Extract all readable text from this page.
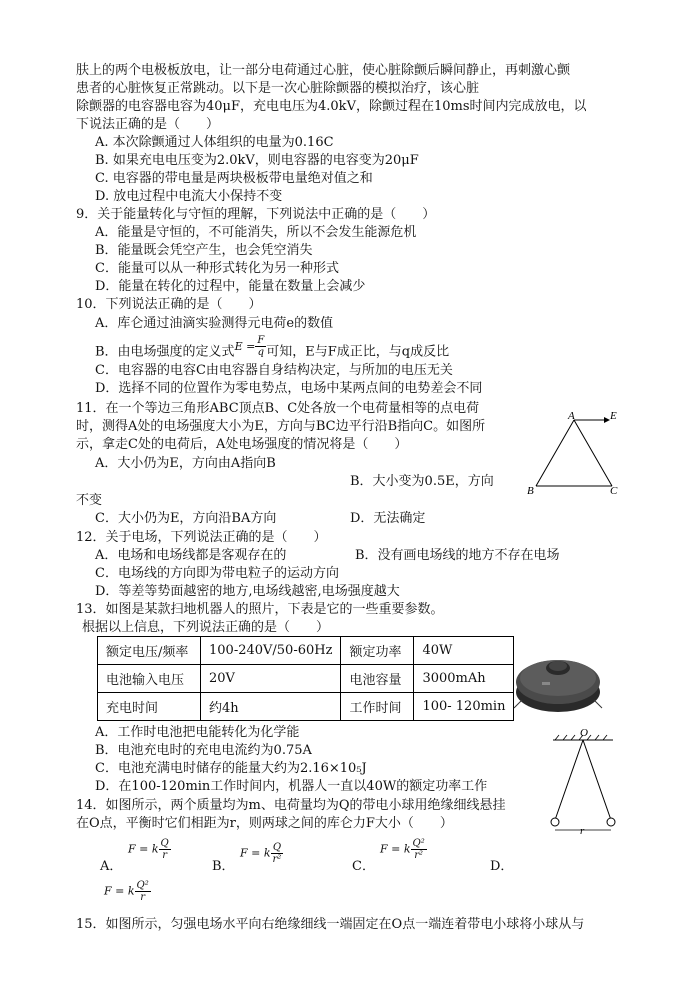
肤上的两个电极板放电，让一部分电荷通过心脏，使心脏除颤后瞬间静止，再刺激心颤
患者的心脏恢复正常跳动。以下是一次心脏除颤器的模拟治疗，该心脏
除颤器的电容器电容为40μF，充电电压为4.0kV，除颤过程在10ms时间内完成放电，以
下说法正确的是（　　）
A. 本次除颤通过人体组织的电量为0.16C
B. 如果充电电压变为2.0kV，则电容器的电容变为20μF
C. 电容器的带电量是两块极板带电量绝对值之和
D. 放电过程中电流大小保持不变
9．关于能量转化与守恒的理解，下列说法中正确的是（　　）
A．能量是守恒的，不可能消失，所以不会发生能源危机
B．能量既会凭空产生，也会凭空消失
C．能量可以从一种形式转化为另一种形式
D．能量在转化的过程中，能量在数量上会减少
10．下列说法正确的是（　　）
A．库仑通过油滴实验测得元电荷e的数值
B．由电场强度的定义式$^{E = \frac{F}{q}}$ 可知，E与F成正比，与q成反比
C．电容器的电容C由电容器自身结构决定，与所加的电压无关
D．选择不同的位置作为零电势点，电场中某两点间的电势差会不同
11．在一个等边三角形ABC顶点B、C处各放一个电荷量相等的点电荷
时，测得A处的电场强度大小为E，方向与BC边平行沿B指向C。如图所
示，拿走C处的电荷后，A处电场强度的情况将是（　　）
A．大小仍为E，方向由A指向B
B．大小变为0.5E，方向
不变
C．大小仍为E，方向沿BA方向	D．无法确定
A	E
B	C
12．关于电场，下列说法正确的是（　　）
A．电场和电场线都是客观存在的	B．没有画电场线的地方不存在电场
C．电场线的方向即为带电粒子的运动方向
D．等差等势面越密的地方,电场线越密,电场强度越大
13．如图是某款扫地机器人的照片，下表是它的一些重要参数。
根据以上信息，下列说法正确的是（　　）
额定电压/频率	100-240V/50-60Hz	额定功率	40W
电池输入电压	20V	电池容量	3000mAh
充电时间	约4h	工作时间	100- 120min
A．工作时电池把电能转化为化学能
B．电池充电时的充电电流约为0.75A
C．电池充满电时储存的能量大约为2.16×10₅J
D．在100-120min工作时间内，机器人一直以40W的额定功率工作
O
r
14．如图所示，两个质量均为m、电荷量均为Q的带电小球用绝缘细线悬挂
在O点，平衡时它们相距为r，则两球之间的库仑力F大小（　　）
A．
F = k $\frac{Q}{r}$
B．
F = k $\frac{Q}{\text{r²}}$
C．
F = k $\frac{\text{Q²}}{\text{r²}}$
D．
F = k $\frac{\text{Q²}}{r}$
15．如图所示，匀强电场水平向右绝缘细线一端固定在O点一端连着带电小球将小球从与
